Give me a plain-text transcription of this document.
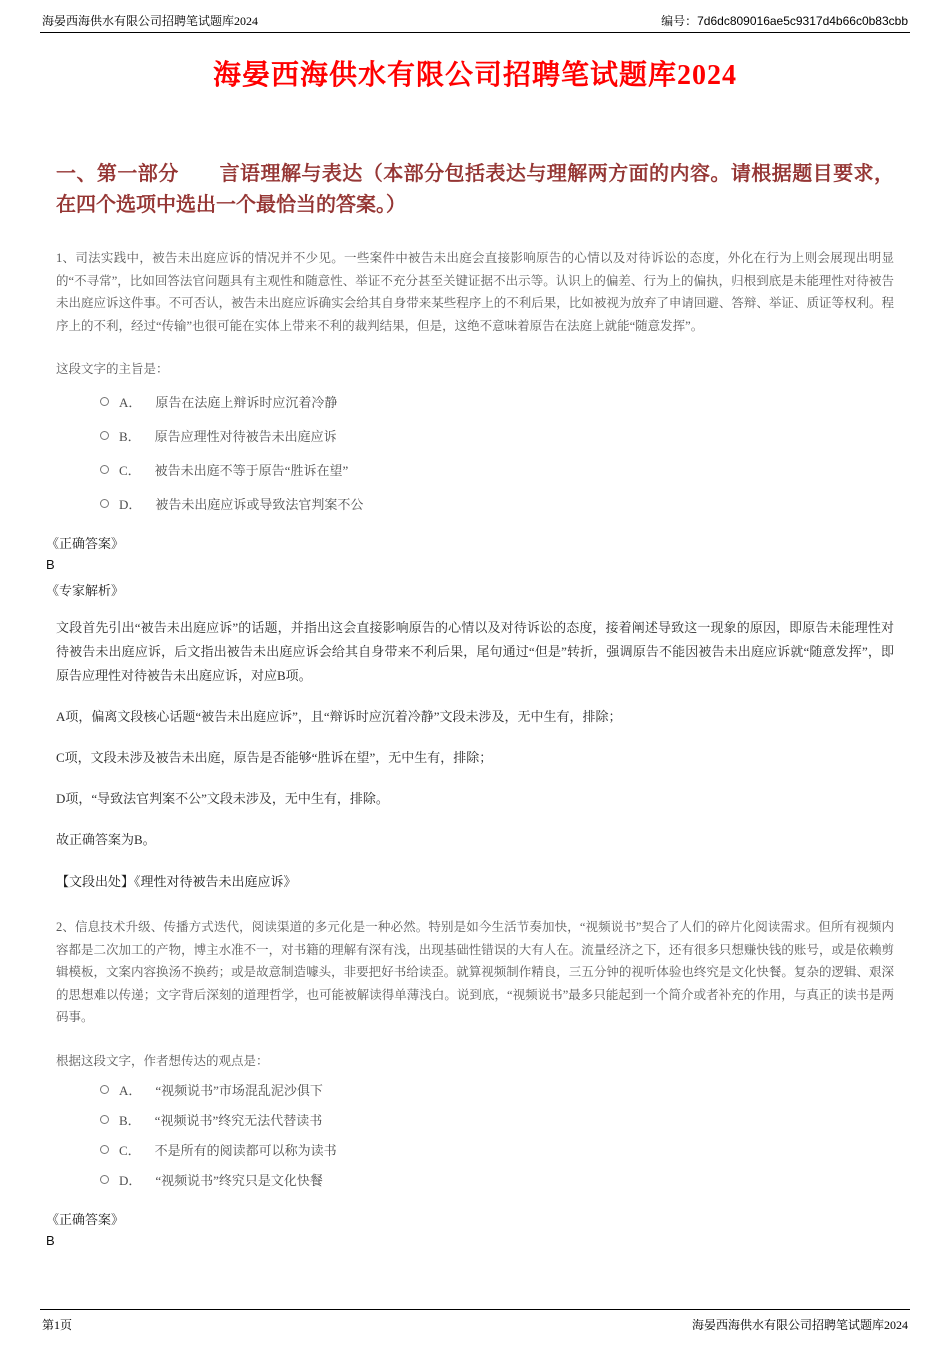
海晏西海供水有限公司招聘笔试题库2024	编号：7d6dc809016ae5c9317d4b66c0b83cbb
海晏西海供水有限公司招聘笔试题库2024
一、第一部分　　言语理解与表达（本部分包括表达与理解两方面的内容。请根据题目要求，在四个选项中选出一个最恰当的答案。）

1、司法实践中，被告未出庭应诉的情况并不少见。一些案件中被告未出庭会直接影响原告的心情以及对待诉讼的态度，外化在行为上则会展现出明显的“不寻常”，比如回答法官问题具有主观性和随意性、举证不充分甚至关键证据不出示等。认识上的偏差、行为上的偏执，归根到底是未能理性对待被告未出庭应诉这件事。不可否认，被告未出庭应诉确实会给其自身带来某些程序上的不利后果，比如被视为放弃了申请回避、答辩、举证、质证等权利。程序上的不利，经过“传输”也很可能在实体上带来不利的裁判结果，但是，这绝不意味着原告在法庭上就能“随意发挥”。

这段文字的主旨是：

A． 原告在法庭上辩诉时应沉着冷静
B． 原告应理性对待被告未出庭应诉
C． 被告未出庭不等于原告“胜诉在望”
D． 被告未出庭应诉或导致法官判案不公

《正确答案》

B

《专家解析》

文段首先引出“被告未出庭应诉”的话题，并指出这会直接影响原告的心情以及对待诉讼的态度，接着阐述导致这一现象的原因，即原告未能理性对待被告未出庭应诉，后文指出被告未出庭应诉会给其自身带来不利后果，尾句通过“但是”转折，强调原告不能因被告未出庭应诉就“随意发挥”，即原告应理性对待被告未出庭应诉，对应B项。

A项，偏离文段核心话题“被告未出庭应诉”，且“辩诉时应沉着冷静”文段未涉及，无中生有，排除；

C项，文段未涉及被告未出庭，原告是否能够“胜诉在望”，无中生有，排除；

D项，“导致法官判案不公”文段未涉及，无中生有，排除。

故正确答案为B。

【文段出处】《理性对待被告未出庭应诉》

2、信息技术升级、传播方式迭代，阅读渠道的多元化是一种必然。特别是如今生活节奏加快，“视频说书”契合了人们的碎片化阅读需求。但所有视频内容都是二次加工的产物，博主水准不一，对书籍的理解有深有浅，出现基础性错误的大有人在。流量经济之下，还有很多只想赚快钱的账号，或是依赖剪辑模板，文案内容换汤不换药；或是故意制造噱头，非要把好书给读歪。就算视频制作精良，三五分钟的视听体验也终究是文化快餐。复杂的逻辑、艰深的思想难以传递；文字背后深刻的道理哲学，也可能被解读得单薄浅白。说到底，“视频说书”最多只能起到一个简介或者补充的作用，与真正的读书是两码事。

根据这段文字，作者想传达的观点是：

A． “视频说书”市场混乱泥沙俱下
B． “视频说书”终究无法代替读书
C． 不是所有的阅读都可以称为读书
D． “视频说书”终究只是文化快餐

《正确答案》

B

第1页	海晏西海供水有限公司招聘笔试题库2024
